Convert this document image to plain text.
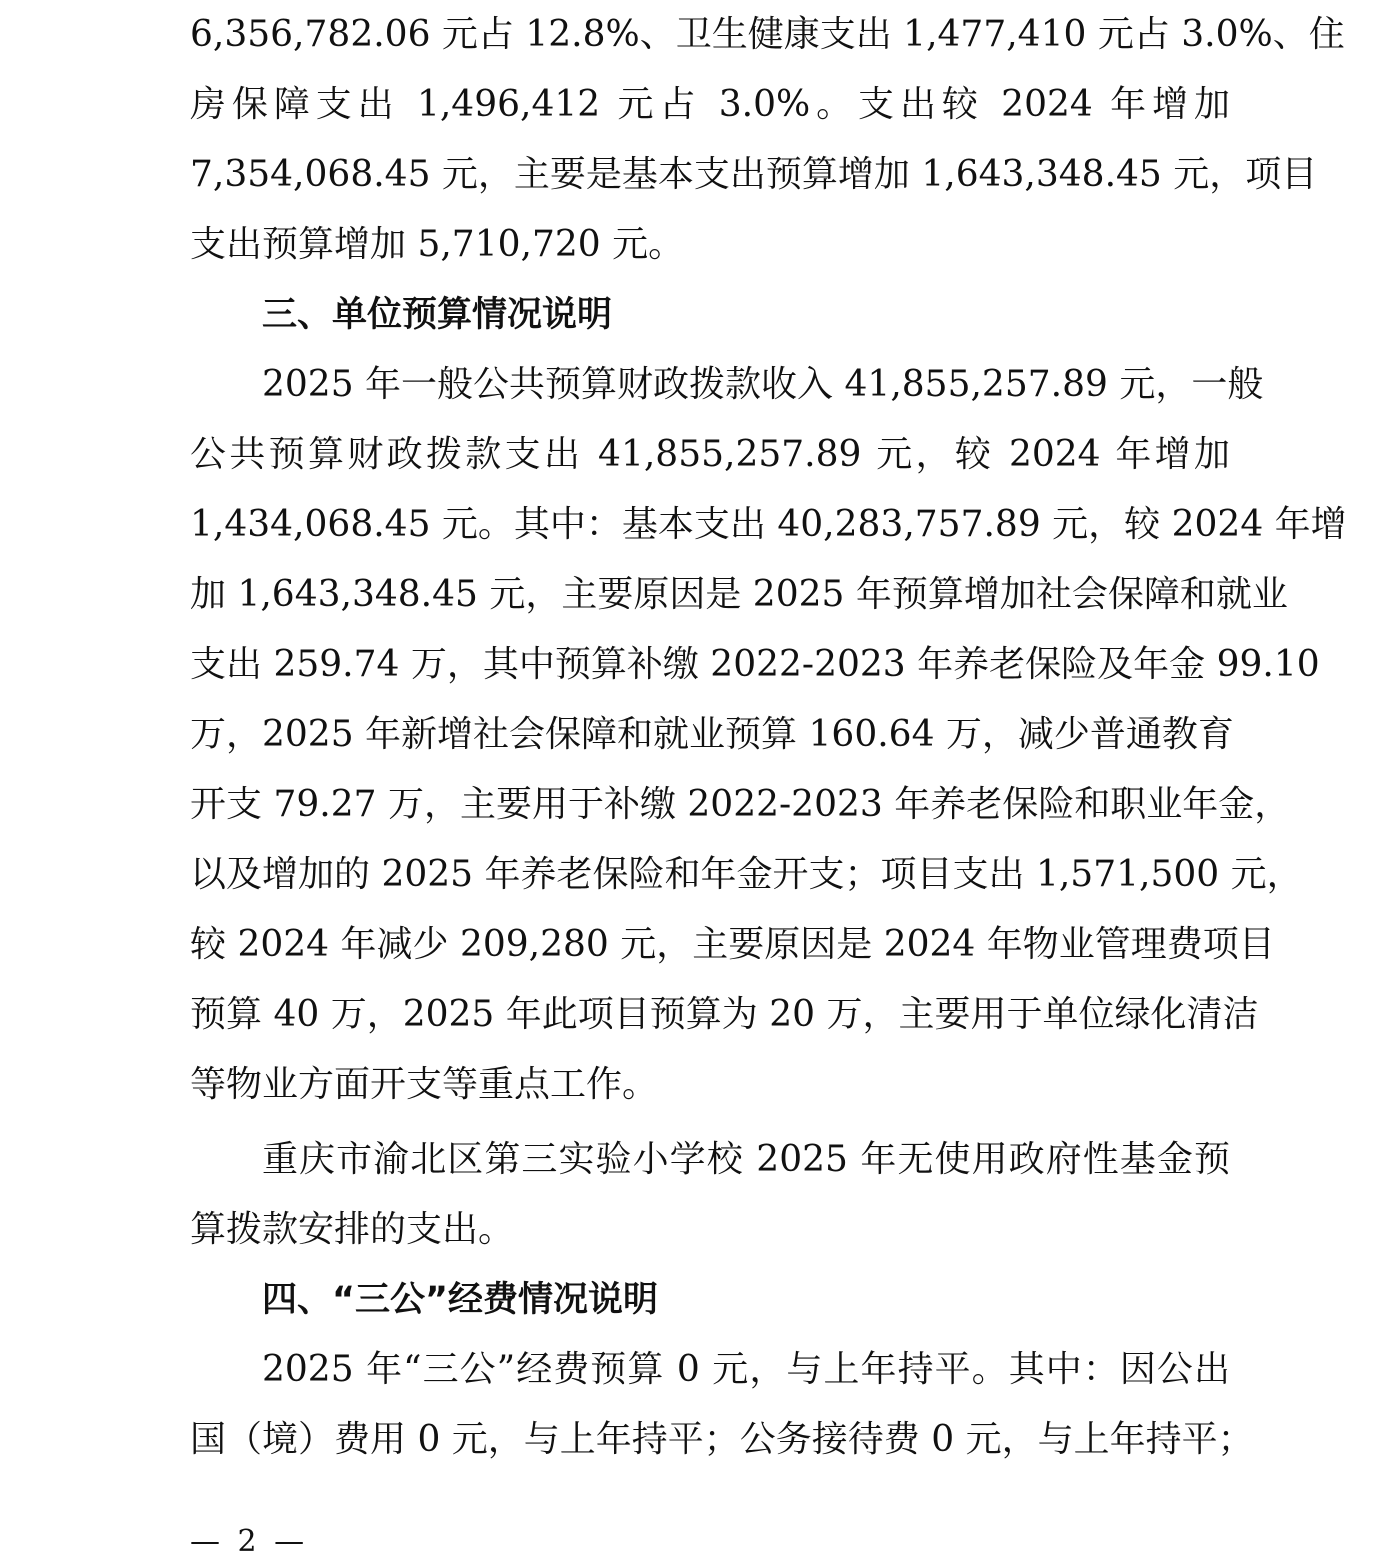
6,356,782.06 元占 12.8%、卫生健康支出 1,477,410 元占 3.0%、住
房保障支出 1,496,412 元占 3.0%。支出较 2024 年增加
7,354,068.45 元，主要是基本支出预算增加 1,643,348.45 元，项目
支出预算增加 5,710,720 元。
三、单位预算情况说明
2025 年一般公共预算财政拨款收入 41,855,257.89 元，一般
公共预算财政拨款支出 41,855,257.89 元，较 2024 年增加
1,434,068.45 元。其中：基本支出 40,283,757.89 元，较 2024 年增
加 1,643,348.45 元，主要原因是 2025 年预算增加社会保障和就业
支出 259.74 万，其中预算补缴 2022-2023 年养老保险及年金 99.10
万，2025 年新增社会保障和就业预算 160.64 万，减少普通教育
开支 79.27 万，主要用于补缴 2022-2023 年养老保险和职业年金，
以及增加的 2025 年养老保险和年金开支；项目支出 1,571,500 元，
较 2024 年减少 209,280 元，主要原因是 2024 年物业管理费项目
预算 40 万，2025 年此项目预算为 20 万，主要用于单位绿化清洁
等物业方面开支等重点工作。
重庆市渝北区第三实验小学校 2025 年无使用政府性基金预
算拨款安排的支出。
四、“三公”经费情况说明
2025 年“三公”经费预算 0 元，与上年持平。其中：因公出
国（境）费用 0 元，与上年持平；公务接待费 0 元，与上年持平；
— 2 —
